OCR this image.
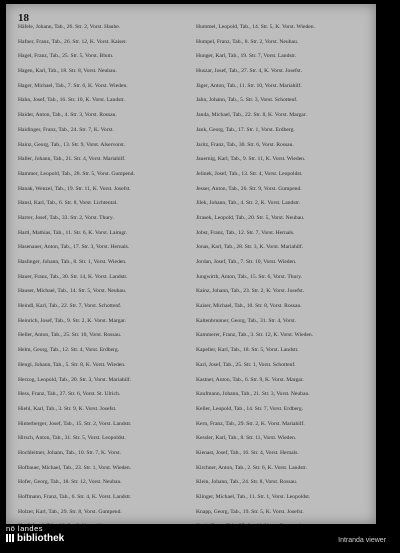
18
Häfele, Johann, Tab., 26. Str. 2, Vorst. Haube.
Hafner, Franz, Tab., 26. Str. 12, K. Vorst. Kaiser.
Hagel, Franz, Tab., 25. Str. 5, Vorst. Blum.
Hagen, Karl, Tab., 18. Str. 8, Vorst. Neubau.
Hager, Michael, Tab., 7. Str. 6, K. Vorst. Wieden.
Hahn, Josef, Tab., 16. Str. 10, K. Vorst. Landstr.
Haider, Anton, Tab., 4. Str. 3, Vorst. Rossau.
Haidinger, Franz, Tab., 24. Str. 7, K. Vorst.
Hainz, Georg, Tab., 13. Str. 9, Vorst. Alservorst.
Haller, Johann, Tab., 21. Str. 4, Vorst. Mariahilf.
Hammer, Leopold, Tab., 28. Str. 5, Vorst. Gumpend.
Hanak, Wenzel, Tab., 19. Str. 11, K. Vorst. Josefst.
Hansl, Karl, Tab., 6. Str. 8, Vorst. Lichtental.
Harrer, Josef, Tab., 33. Str. 2, Vorst. Thury.
Hartl, Mathias, Tab., 11. Str. 6, K. Vorst. Laimgr.
Hasenauer, Anton, Tab., 17. Str. 3, Vorst. Hernals.
Haslinger, Johann, Tab., 8. Str. 1, Vorst. Wieden.
Hauer, Franz, Tab., 30. Str. 14, K. Vorst. Landstr.
Hauser, Michael, Tab., 14. Str. 5, Vorst. Neubau.
Heindl, Karl, Tab., 22. Str. 7, Vorst. Schottenf.
Heinrich, Josef, Tab., 9. Str. 2, K. Vorst. Margar.
Heller, Anton, Tab., 25. Str. 10, Vorst. Rossau.
Helm, Georg, Tab., 12. Str. 4, Vorst. Erdberg.
Hengl, Johann, Tab., 5. Str. 8, K. Vorst. Wieden.
Herzog, Leopold, Tab., 20. Str. 3, Vorst. Mariahilf.
Hess, Franz, Tab., 27. Str. 6, Vorst. St. Ulrich.
Hiebl, Karl, Tab., 3. Str. 9, K. Vorst. Josefst.
Hinterberger, Josef, Tab., 15. Str. 2, Vorst. Landstr.
Hirsch, Anton, Tab., 31. Str. 5, Vorst. Leopoldst.
Hochleitner, Johann, Tab., 10. Str. 7, K. Vorst.
Hofbauer, Michael, Tab., 23. Str. 1, Vorst. Wieden.
Hofer, Georg, Tab., 18. Str. 12, Vorst. Neubau.
Hoffmann, Franz, Tab., 6. Str. 4, K. Vorst. Landstr.
Holzer, Karl, Tab., 29. Str. 8, Vorst. Gumpend.
Hummel, Leopold, Tab., 14. Str. 5, K. Vorst. Wieden.
Humpel, Franz, Tab., 8. Str. 2, Vorst. Neubau.
Hunger, Karl, Tab., 19. Str. 7, Vorst. Landstr.
Huszar, Josef, Tab., 27. Str. 4, K. Vorst. Josefst.
Jäger, Anton, Tab., 11. Str. 10, Vorst. Mariahilf.
Jahn, Johann, Tab., 5. Str. 3, Vorst. Schottenf.
Janda, Michael, Tab., 22. Str. 8, K. Vorst. Margar.
Jank, Georg, Tab., 17. Str. 1, Vorst. Erdberg.
Jaritz, Franz, Tab., 30. Str. 6, Vorst. Rossau.
Jauernig, Karl, Tab., 9. Str. 11, K. Vorst. Wieden.
Jelinek, Josef, Tab., 13. Str. 4, Vorst. Leopoldst.
Jesser, Anton, Tab., 26. Str. 9, Vorst. Gumpend.
Jilek, Johann, Tab., 4. Str. 2, K. Vorst. Landstr.
Jirasek, Leopold, Tab., 20. Str. 5, Vorst. Neubau.
Jobst, Franz, Tab., 12. Str. 7, Vorst. Hernals.
Jonas, Karl, Tab., 28. Str. 3, K. Vorst. Mariahilf.
Jordan, Josef, Tab., 7. Str. 10, Vorst. Wieden.
Jungwirth, Anton, Tab., 15. Str. 6, Vorst. Thury.
Kainz, Johann, Tab., 23. Str. 2, K. Vorst. Josefst.
Kaiser, Michael, Tab., 10. Str. 8, Vorst. Rossau.
Kaltenbrunner, Georg, Tab., 31. Str. 4, Vorst.
Kammerer, Franz, Tab., 3. Str. 12, K. Vorst. Wieden.
Kapeller, Karl, Tab., 18. Str. 5, Vorst. Landstr.
Karl, Josef, Tab., 25. Str. 1, Vorst. Schottenf.
Kastner, Anton, Tab., 6. Str. 9, K. Vorst. Margar.
Kaufmann, Johann, Tab., 21. Str. 3, Vorst. Neubau.
Keller, Leopold, Tab., 14. Str. 7, Vorst. Erdberg.
Kern, Franz, Tab., 29. Str. 2, K. Vorst. Mariahilf.
Kessler, Karl, Tab., 8. Str. 11, Vorst. Wieden.
Kienast, Josef, Tab., 16. Str. 4, Vorst. Hernals.
Kirchner, Anton, Tab., 2. Str. 6, K. Vorst. Landstr.
Klein, Johann, Tab., 24. Str. 8, Vorst. Rossau.
Klinger, Michael, Tab., 11. Str. 1, Vorst. Leopoldst.
Knapp, Georg, Tab., 19. Str. 5, K. Vorst. Josefst.
nö landes
bibliothek	Intranda viewer
